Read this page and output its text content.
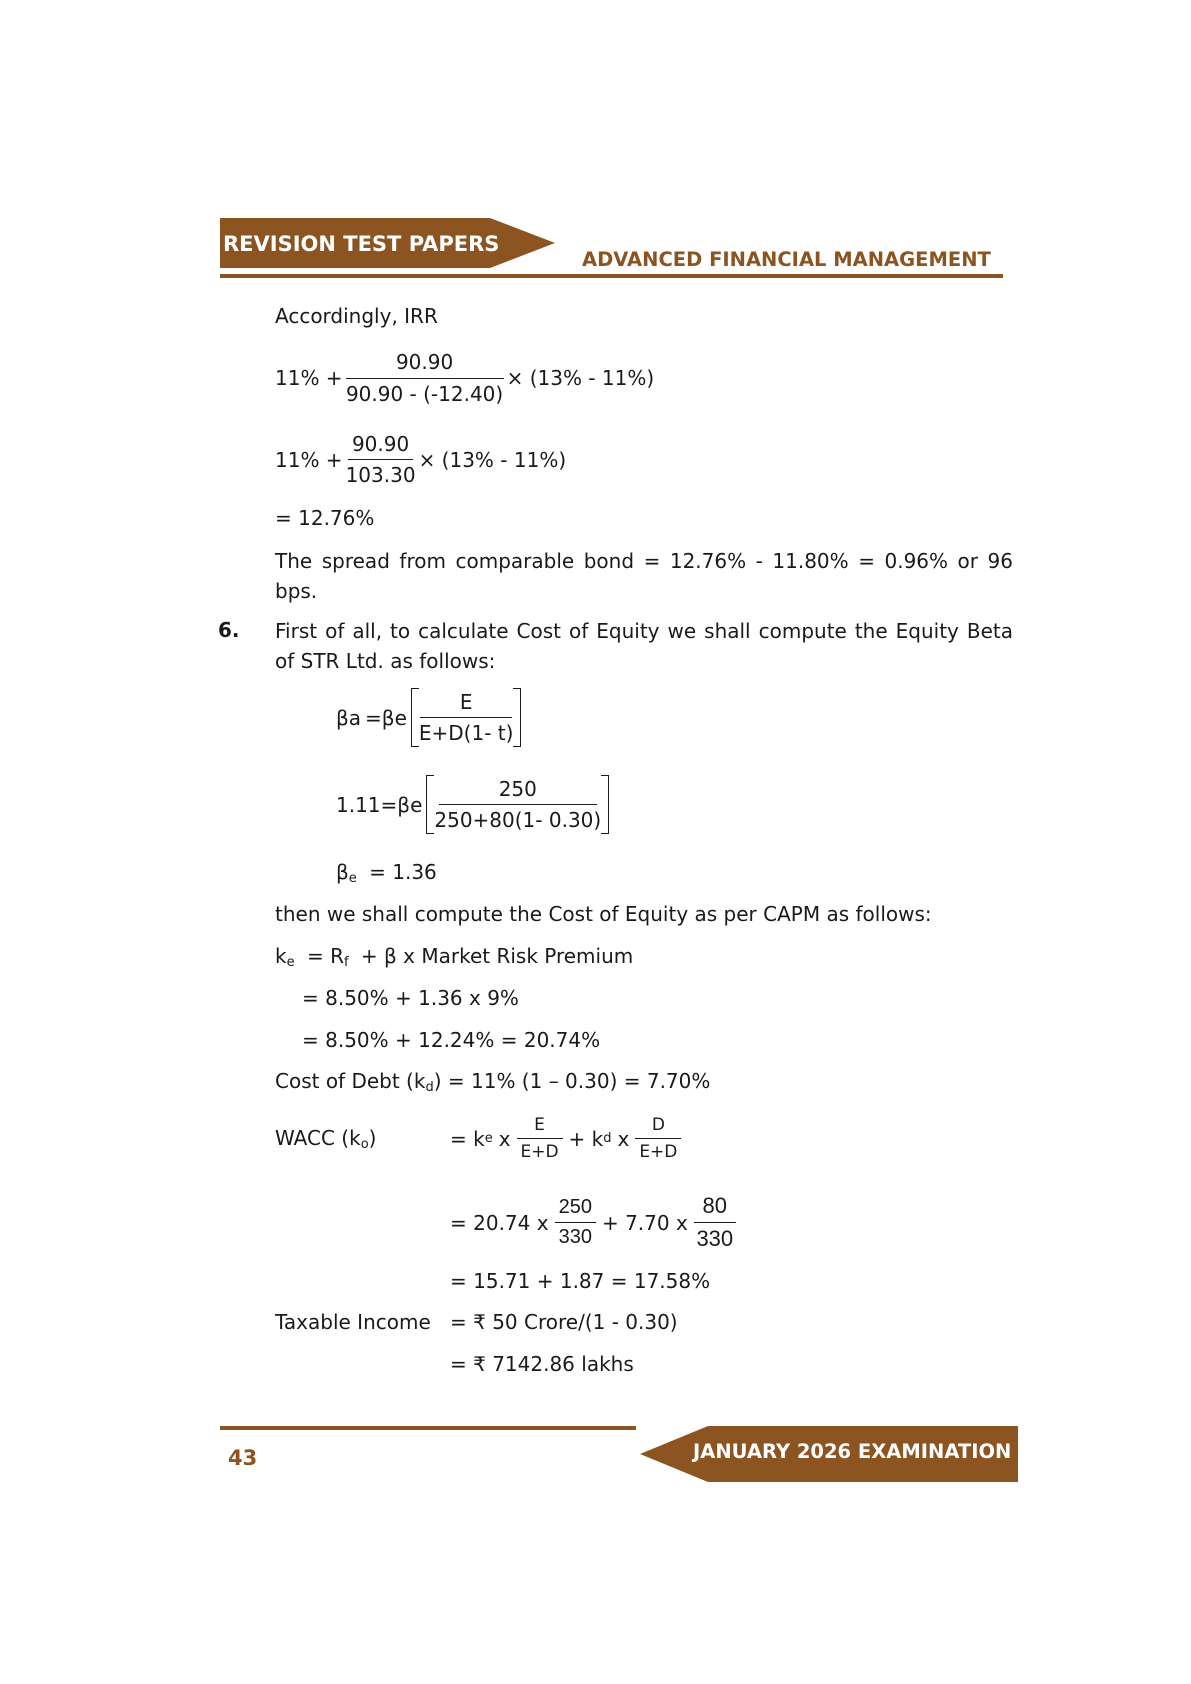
REVISION TEST PAPERS
ADVANCED FINANCIAL MANAGEMENT
Accordingly, IRR
$11\% + \frac{90.90}{90.90 - (-12.40)} \times (13\% - 11\%)$
$11\% + \frac{90.90}{103.30} \times (13\% - 11\%)$
= 12.76%
The spread from comparable bond = 12.76% - 11.80% = 0.96% or 96 bps.
6. First of all, to calculate Cost of Equity we shall compute the Equity Beta of STR Ltd. as follows:
β a =β e $\frac{E}{E+D(1- t)}$
1.11=β e $\frac{250}{250+80(1- 0.30)}$
$\beta_e = 1.36$
then we shall compute the Cost of Equity as per CAPM as follows:
$k_e = R_f + \beta$ x Market Risk Premium
= 8.50% + 1.36 x 9%
= 8.50% + 12.24% = 20.74%
Cost of Debt $(k_d) = 11\%$ (1 – 0.30) = 7.70%
WACC $(k_o)$	= k e x $\frac{E}{E+D} + k$ d x $\frac{D}{E+D}$
= 20.74 x $\frac{250}{330} + 7.70$ x $\frac{80}{330}$
= 15.71 + 1.87 = 17.58%
Taxable Income = ₹ 50 Crore/(1 - 0.30)
= ₹ 7142.86 lakhs
43	JANUARY 2026 EXAMINATION
